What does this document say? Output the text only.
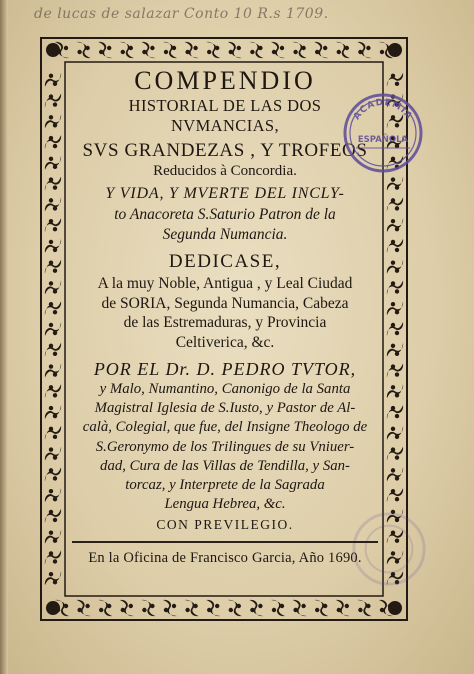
de lucas de salazar Conto 10 R.s 1709.
COMPENDIO
HISTORIAL DE LAS DOS
NVMANCIAS,
SVS GRANDEZAS , Y TROFEOS
Reducidos à Concordia.
Y VIDA, Y MVERTE DEL INCLY-
to Anacoreta S.Saturio Patron de la
Segunda Numancia.
DEDICASE,
A la muy Noble, Antigua , y Leal Ciudad
de SORIA, Segunda Numancia, Cabeza
de las Estremaduras, y Provincia
Celtiverica, &c.
POR EL Dr. D. PEDRO TVTOR,
y Malo, Numantino, Canonigo de la Santa
Magistral Iglesia de S.Iusto, y Pastor de Al-
calà, Colegial, que fue, del Insigne Theologo de
S.Geronymo de los Trilingues de su Vniuer-
dad, Cura de las Villas de Tendilla, y San-
torcaz, y Interprete de la Sagrada
Lengua Hebrea, &c.
CON PREVILEGIO.
En la Oficina de Francisco Garcia, Año 1690.
ACADEMIA
ESPAÑOLA
